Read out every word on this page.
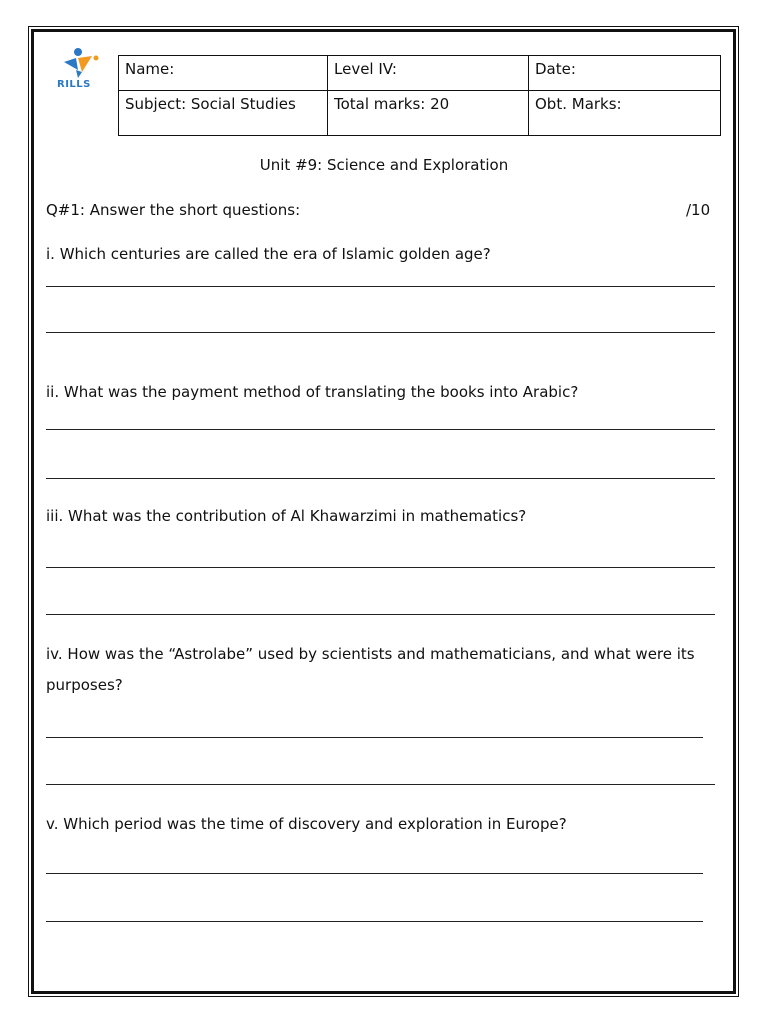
RILLS
Name:	Level IV:	Date:
Subject: Social Studies	Total marks: 20	Obt. Marks:
Unit #9: Science and Exploration
Q#1: Answer the short questions:	/10
i. Which centuries are called the era of Islamic golden age?
ii. What was the payment method of translating the books into Arabic?
iii. What was the contribution of Al Khawarzimi in mathematics?
iv. How was the “Astrolabe” used by scientists and mathematicians, and what were its purposes?
v. Which period was the time of discovery and exploration in Europe?
